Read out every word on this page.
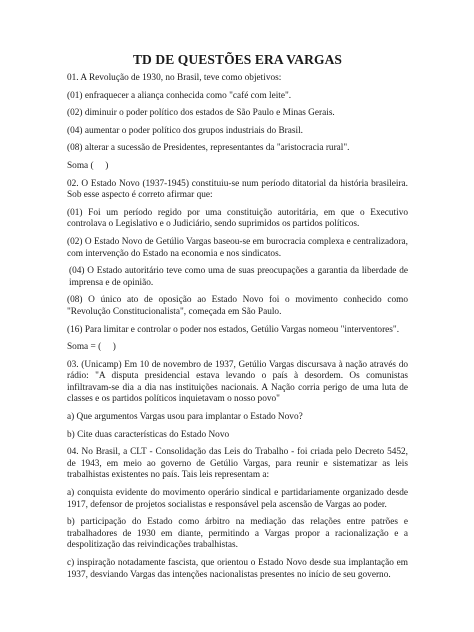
TD DE QUESTÕES ERA VARGAS

01. A Revolução de 1930, no Brasil, teve como objetivos:

(01) enfraquecer a aliança conhecida como "café com leite".

(02) diminuir o poder político dos estados de São Paulo e Minas Gerais.

(04) aumentar o poder político dos grupos industriais do Brasil.

(08) alterar a sucessão de Presidentes, representantes da "aristocracia rural".

Soma (     )

02. O Estado Novo (1937-1945) constituiu-se num período ditatorial da história brasileira. Sob esse aspecto é correto afirmar que:

(01) Foi um período regido por uma constituição autoritária, em que o Executivo controlava o Legislativo e o Judiciário, sendo suprimidos os partidos políticos.

(02) O Estado Novo de Getúlio Vargas baseou-se em burocracia complexa e centralizadora, com intervenção do Estado na economia e nos sindicatos.

(04) O Estado autoritário teve como uma de suas preocupações a garantia da liberdade de imprensa e de opinião.

(08) O único ato de oposição ao Estado Novo foi o movimento conhecido como "Revolução Constitucionalista", começada em São Paulo.

(16) Para limitar e controlar o poder nos estados, Getúlio Vargas nomeou "interventores".

Soma = (     )

03. (Unicamp) Em 10 de novembro de 1937, Getúlio Vargas discursava à nação através do rádio: "A disputa presidencial estava levando o país à desordem. Os comunistas infiltravam-se dia a dia nas instituições nacionais. A Nação corria perigo de uma luta de classes e os partidos políticos inquietavam o nosso povo"

a) Que argumentos Vargas usou para implantar o Estado Novo?

b) Cite duas características do Estado Novo

04. No Brasil, a CLT - Consolidação das Leis do Trabalho - foi criada pelo Decreto 5452, de 1943, em meio ao governo de Getúlio Vargas, para reunir e sistematizar as leis trabalhistas existentes no país. Tais leis representam a:

a) conquista evidente do movimento operário sindical e partidariamente organizado desde 1917, defensor de projetos socialistas e responsável pela ascensão de Vargas ao poder.

b) participação do Estado como árbitro na mediação das relações entre patrões e trabalhadores de 1930 em diante, permitindo a Vargas propor a racionalização e a despolitização das reivindicações trabalhistas.

c) inspiração notadamente fascista, que orientou o Estado Novo desde sua implantação em 1937, desviando Vargas das intenções nacionalistas presentes no início de seu governo.
